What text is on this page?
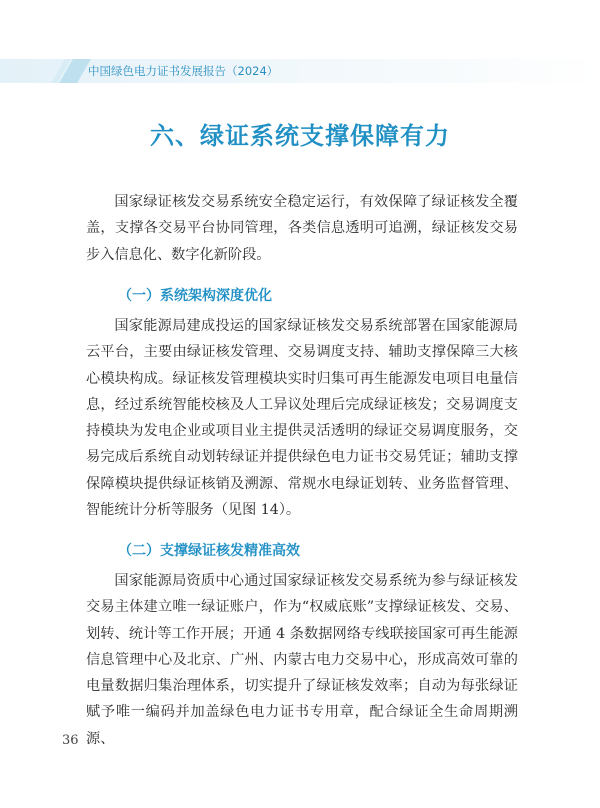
中国绿色电力证书发展报告（2024）
六、绿证系统支撑保障有力
国家绿证核发交易系统安全稳定运行，有效保障了绿证核发全覆盖，支撑各交易平台协同管理，各类信息透明可追溯，绿证核发交易步入信息化、数字化新阶段。
（一）系统架构深度优化
国家能源局建成投运的国家绿证核发交易系统部署在国家能源局云平台，主要由绿证核发管理、交易调度支持、辅助支撑保障三大核心模块构成。绿证核发管理模块实时归集可再生能源发电项目电量信息，经过系统智能校核及人工异议处理后完成绿证核发；交易调度支持模块为发电企业或项目业主提供灵活透明的绿证交易调度服务，交易完成后系统自动划转绿证并提供绿色电力证书交易凭证；辅助支撑保障模块提供绿证核销及溯源、常规水电绿证划转、业务监督管理、智能统计分析等服务（见图 14）。
（二）支撑绿证核发精准高效
国家能源局资质中心通过国家绿证核发交易系统为参与绿证核发交易主体建立唯一绿证账户，作为“权威底账”支撑绿证核发、交易、划转、统计等工作开展；开通 4 条数据网络专线联接国家可再生能源信息管理中心及北京、广州、内蒙古电力交易中心，形成高效可靠的电量数据归集治理体系，切实提升了绿证核发效率；自动为每张绿证赋予唯一编码并加盖绿色电力证书专用章，配合绿证全生命周期溯源、
36
